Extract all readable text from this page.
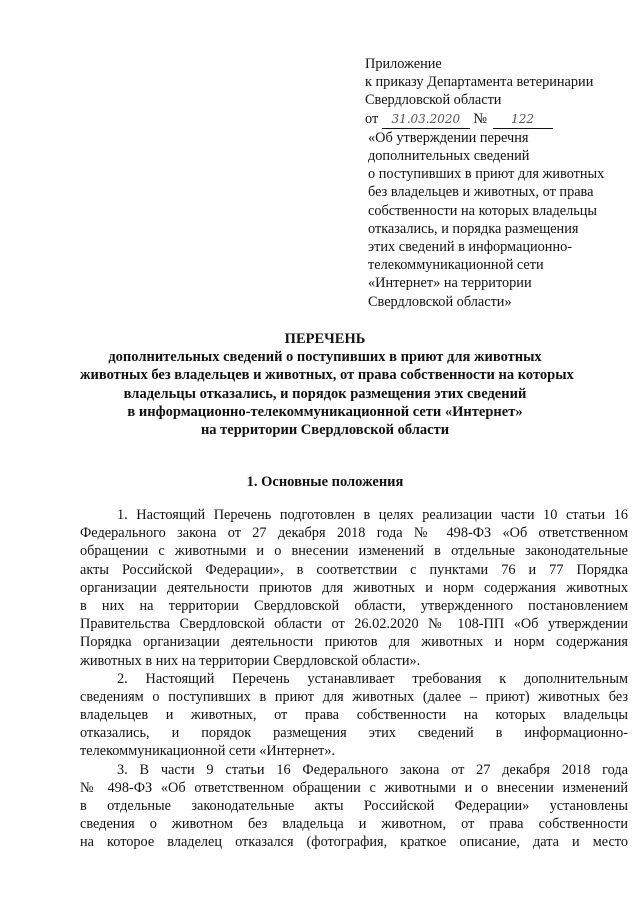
Приложение
к приказу Департамента ветеринарии
Свердловской области
от 31.03.2020 № 122
«Об утверждении перечня
дополнительных сведений
о поступивших в приют для животных
без владельцев и животных, от права
собственности на которых владельцы
отказались, и порядка размещения
этих сведений в информационно-
телекоммуникационной сети
«Интернет» на территории
Свердловской области»
ПЕРЕЧЕНЬ
дополнительных сведений о поступивших в приют для животных
животных без владельцев и животных, от права собственности на которых
владельцы отказались, и порядок размещения этих сведений
в информационно-телекоммуникационной сети «Интернет»
на территории Свердловской области
1. Основные положения
1. Настоящий Перечень подготовлен в целях реализации части 10 статьи 16
Федерального закона от 27 декабря 2018 года № 498-ФЗ «Об ответственном
обращении с животными и о внесении изменений в отдельные законодательные
акты Российской Федерации», в соответствии с пунктами 76 и 77 Порядка
организации деятельности приютов для животных и норм содержания животных
в них на территории Свердловской области, утвержденного постановлением
Правительства Свердловской области от 26.02.2020 № 108-ПП «Об утверждении
Порядка организации деятельности приютов для животных и норм содержания
животных в них на территории Свердловской области».
2. Настоящий Перечень устанавливает требования к дополнительным
сведениям о поступивших в приют для животных (далее – приют) животных без
владельцев и животных, от права собственности на которых владельцы
отказались, и порядок размещения этих сведений в информационно-
телекоммуникационной сети «Интернет».
3. В части 9 статьи 16 Федерального закона от 27 декабря 2018 года
№ 498-ФЗ «Об ответственном обращении с животными и о внесении изменений
в отдельные законодательные акты Российской Федерации» установлены
сведения о животном без владельца и животном, от права собственности
на которое владелец отказался (фотография, краткое описание, дата и место
